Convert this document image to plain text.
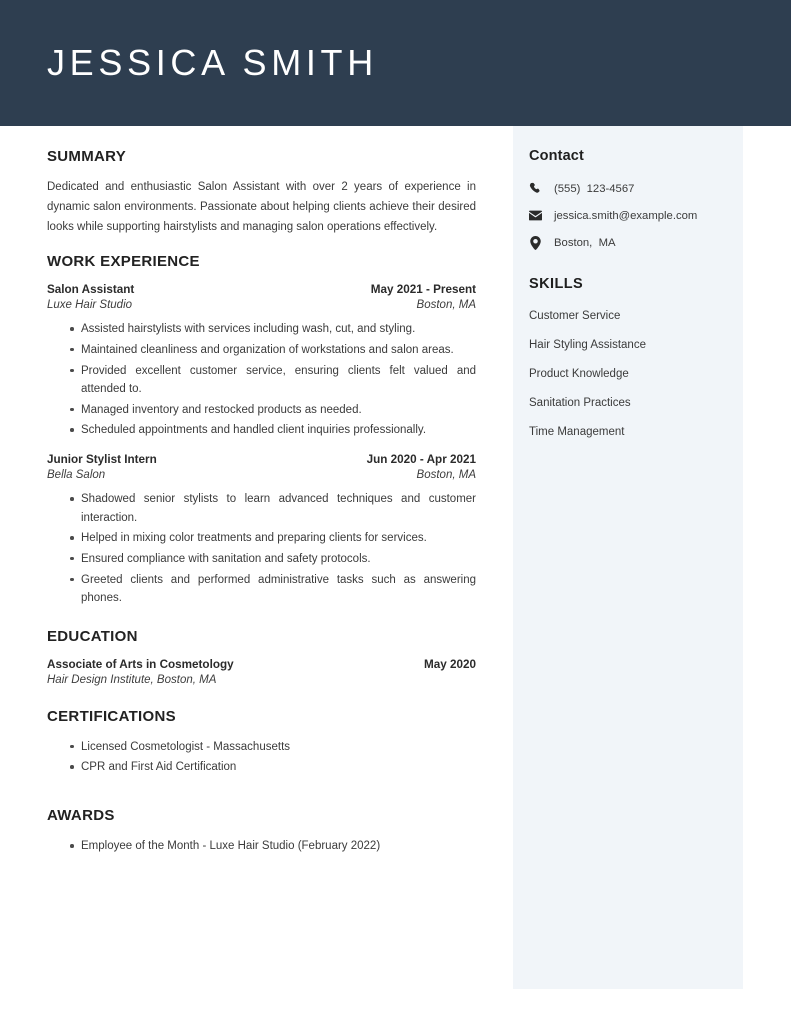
JESSICA SMITH
SUMMARY

Dedicated and enthusiastic Salon Assistant with over 2 years of experience in dynamic salon environments. Passionate about helping clients achieve their desired looks while supporting hairstylists and managing salon operations effectively.

WORK EXPERIENCE
Salon Assistant	May 2021 - Present
Luxe Hair Studio	Boston, MA
Assisted hairstylists with services including wash, cut, and styling.
Maintained cleanliness and organization of workstations and salon areas.
Provided excellent customer service, ensuring clients felt valued and attended to.
Managed inventory and restocked products as needed.
Scheduled appointments and handled client inquiries professionally.
Junior Stylist Intern	Jun 2020 - Apr 2021
Bella Salon	Boston, MA
Shadowed senior stylists to learn advanced techniques and customer interaction.
Helped in mixing color treatments and preparing clients for services.
Ensured compliance with sanitation and safety protocols.
Greeted clients and performed administrative tasks such as answering phones.
EDUCATION
Associate of Arts in Cosmetology	May 2020
Hair Design Institute, Boston, MA
CERTIFICATIONS
Licensed Cosmetologist - Massachusetts
CPR and First Aid Certification
AWARDS
Employee of the Month - Luxe Hair Studio (February 2022)
Contact
(555)  123-4567
jessica.smith@example.com
Boston,  MA
SKILLS
Customer Service
Hair Styling Assistance
Product Knowledge
Sanitation Practices
Time Management
